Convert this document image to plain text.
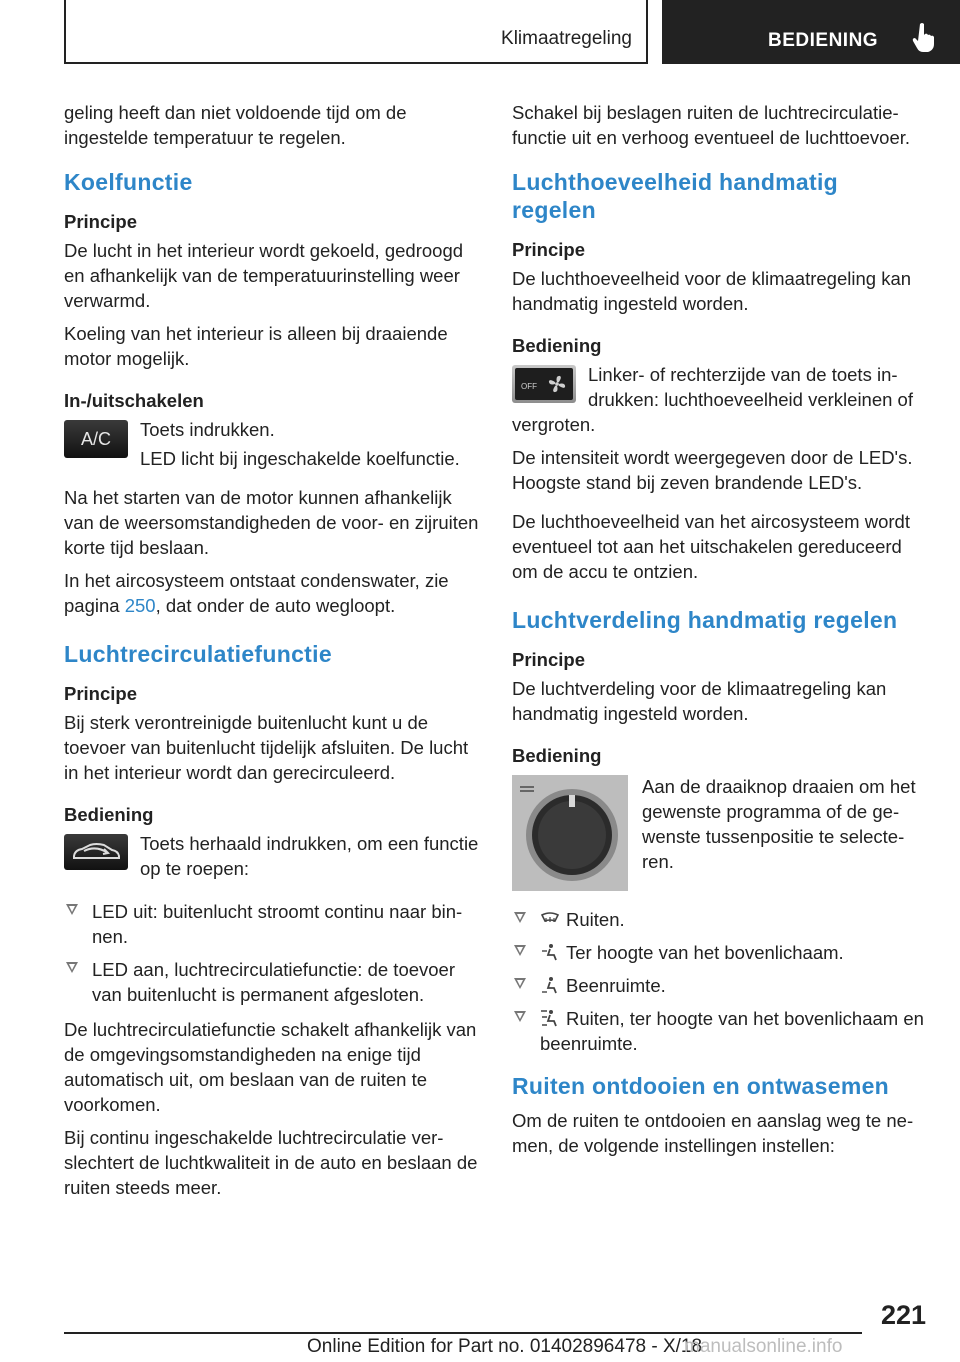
Klimaatregeling	BEDIENING

geling heeft dan niet voldoende tijd om de ingestelde temperatuur te regelen.

Koelfunctie
Principe

De lucht in het interieur wordt gekoeld, gedroogd en afhankelijk van de temperatuurinstelling weer verwarmd.

Koeling van het interieur is alleen bij draaiende motor mogelijk.

In-/uitschakelen
A/C	Toets indrukken.

LED licht bij ingeschakelde koelfunctie.

Na het starten van de motor kunnen afhankelijk van de weersomstandigheden de voor- en zijruiten korte tijd beslaan.

In het aircosysteem ontstaat condenswater, zie pagina 250, dat onder de auto wegloopt.

Luchtrecirculatiefunctie
Principe

Bij sterk verontreinigde buitenlucht kunt u de toevoer van buitenlucht tijdelijk afsluiten. De lucht in het interieur wordt dan gerecirculeerd.

Bediening

Toets herhaald indrukken, om een functie op te roepen:

LED uit: buitenlucht stroomt continu naar binnen.
LED aan, luchtrecirculatiefunctie: de toevoer van buitenlucht is permanent afgesloten.

De luchtrecirculatiefunctie schakelt afhankelijk van de omgevingsomstandigheden na enige tijd automatisch uit, om beslaan van de ruiten te voorkomen.

Bij continu ingeschakelde luchtrecirculatie verslechtert de luchtkwaliteit in de auto en beslaan de ruiten steeds meer.

Schakel bij beslagen ruiten de luchtrecirculatiefunctie uit en verhoog eventueel de luchttoevoer.

Luchthoeveelheid handmatig regelen
Principe

De luchthoeveelheid voor de klimaatregeling kan handmatig ingesteld worden.

Bediening
OFF

Linker- of rechterzijde van de toets indrukken: luchthoeveelheid verkleinen of vergroten.

De intensiteit wordt weergegeven door de LED's. Hoogste stand bij zeven brandende LED's.

De luchthoeveelheid van het aircosysteem wordt eventueel tot aan het uitschakelen gereduceerd om de accu te ontzien.

Luchtverdeling handmatig regelen
Principe

De luchtverdeling voor de klimaatregeling kan handmatig ingesteld worden.

Bediening

Aan de draaiknop draaien om het gewenste programma of de gewenste tussenpositie te selecteren.

Ruiten.
Ter hoogte van het bovenlichaam.
Beenruimte.
Ruiten, ter hoogte van het bovenlichaam en beenruimte.
Ruiten ontdooien en ontwasemen

Om de ruiten te ontdooien en aanslag weg te nemen, de volgende instellingen instellen:

221
Online Edition for Part no. 01402896478 - X/18
manualsonline.info
